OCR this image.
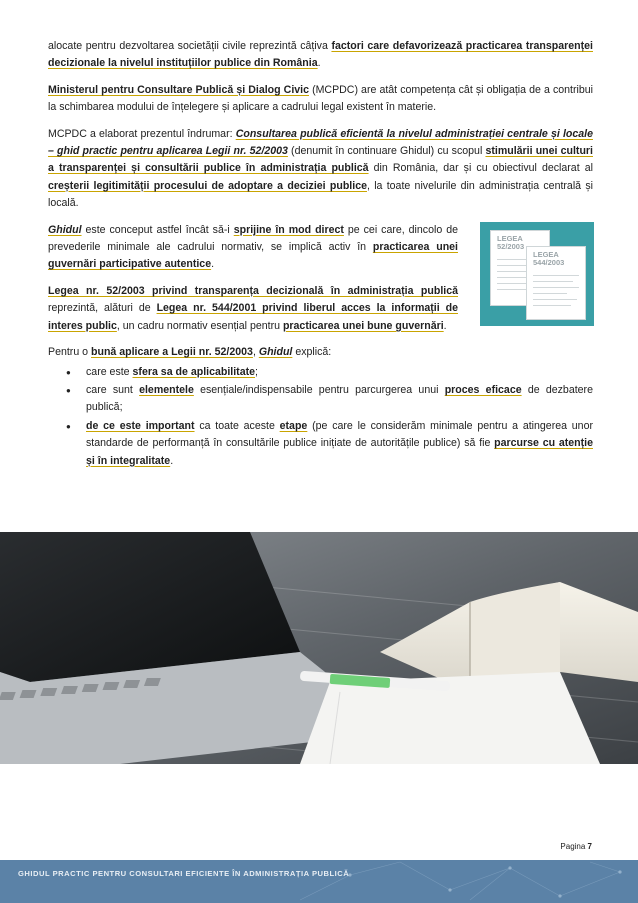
alocate pentru dezvoltarea societății civile reprezintă câțiva factori care defavorizează practicarea transparenței decizionale la nivelul instituțiilor publice din România.

Ministerul pentru Consultare Publică și Dialog Civic (MCPDC) are atât competența cât și obligația de a contribui la schimbarea modului de înțelegere și aplicare a cadrului legal existent în materie.

MCPDC a elaborat prezentul îndrumar: Consultarea publică eficientă la nivelul administrației centrale și locale – ghid practic pentru aplicarea Legii nr. 52/2003 (denumit în continuare Ghidul) cu scopul stimulării unei culturi a transparenței și consultării publice în administrația publică din România, dar și cu obiectivul declarat al creșterii legitimității procesului de adoptare a deciziei publice, la toate nivelurile din administrația centrală și locală.

LEGEA
52/2003
LEGEA
544/2003

Ghidul este conceput astfel încât să-i sprijine în mod direct pe cei care, dincolo de prevederile minimale ale cadrului normativ, se implică activ în practicarea unei guvernări participative autentice.

Legea nr. 52/2003 privind transparența decizională în administrația publică reprezintă, alături de Legea nr. 544/2001 privind liberul acces la informații de interes public, un cadru normativ esențial pentru practicarea unei bune guvernări.

Pentru o bună aplicare a Legii nr. 52/2003, Ghidul explică:

● care este sfera sa de aplicabilitate;
● care sunt elementele esențiale/indispensabile pentru parcurgerea unui proces eficace de dezbatere publică;
● de ce este important ca toate aceste etape (pe care le considerăm minimale pentru a atingerea unor standarde de performanță în consultările publice inițiate de autoritățile publice) să fie parcurse cu atenție și în integralitate.
Pagina 7
GHIDUL PRACTIC PENTRU CONSULTARI EFICIENTE ÎN ADMINISTRAȚIA PUBLICĂ
